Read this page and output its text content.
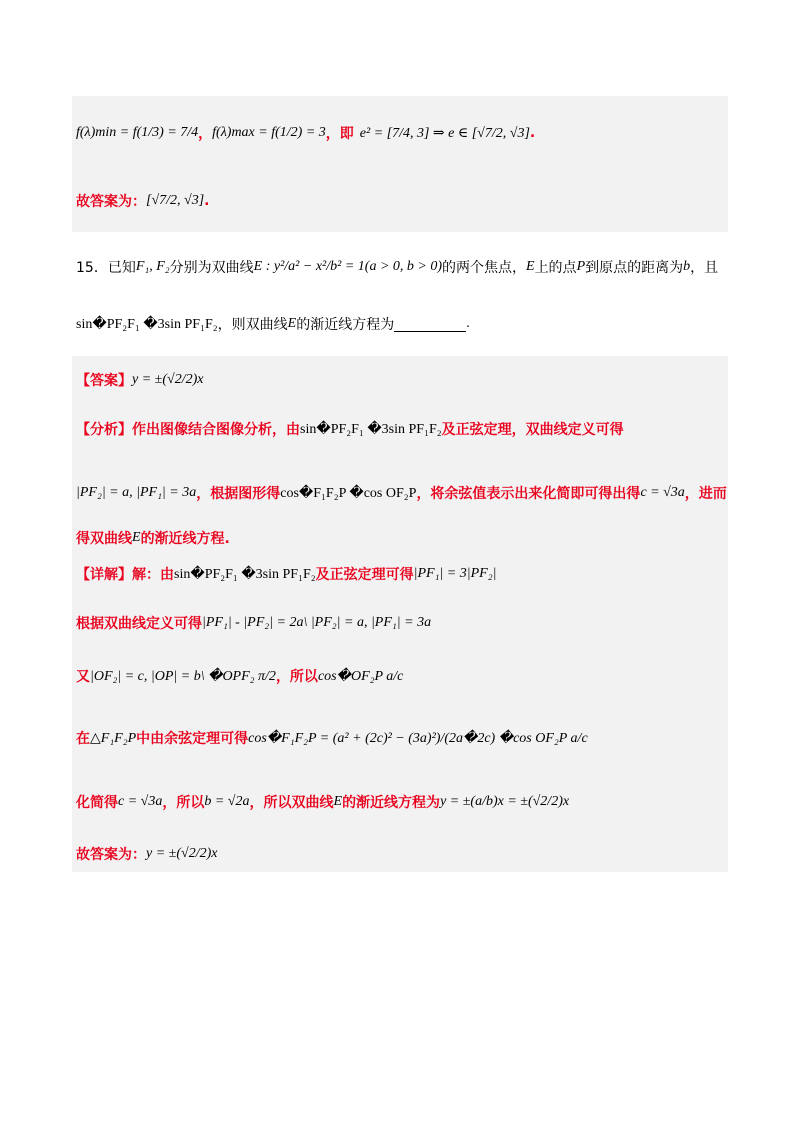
f(λ)min = f(1/3) = 7/4 ， f(λ)max = f(1/2) = 3 ，即 e² = [7/4, 3] ⇒ e ∈ [√7/2, √3] .
故答案为： [√7/2, √3] .
15．已知 F₁, F₂ 分别为双曲线 E : y²/a² − x²/b² = 1(a > 0, b > 0) 的两个焦点， E 上的点 P 到原点的距离为 b ，且
sin�PF₂F₁ �3sin PF₁F₂ ，则双曲线 E 的渐近线方程为	.
【答案】 y = ±(√2/2)x
【分析】作出图像结合图像分析，由 sin�PF₂F₁ �3sin PF₁F₂ 及正弦定理，双曲线定义可得
|PF₂| = a, |PF₁| = 3a ，根据图形得 cos�F₁F₂P �cos OF₂P ，将余弦值表示出来化简即可得出得 c = √3a ，进而
得双曲线 E 的渐近线方程.
【详解】解：由 sin�PF₂F₁ �3sin PF₁F₂ 及正弦定理可得 |PF₁| = 3|PF₂|
根据双曲线定义可得 |PF₁| - |PF₂| = 2a\ |PF₂| = a, |PF₁| = 3a
又 |OF₂| = c, |OP| = b\ �OPF₂ π/2 ，所以 cos�OF₂P a/c
在 △F₁F₂P 中由余弦定理可得 cos�F₁F₂P = (a² + (2c)² − (3a)²)/(2a�2c) �cos OF₂P a/c
化简得 c = √3a ，所以 b = √2a ，所以双曲线 E 的渐近线方程为 y = ±(a/b)x = ±(√2/2)x
故答案为： y = ±(√2/2)x
